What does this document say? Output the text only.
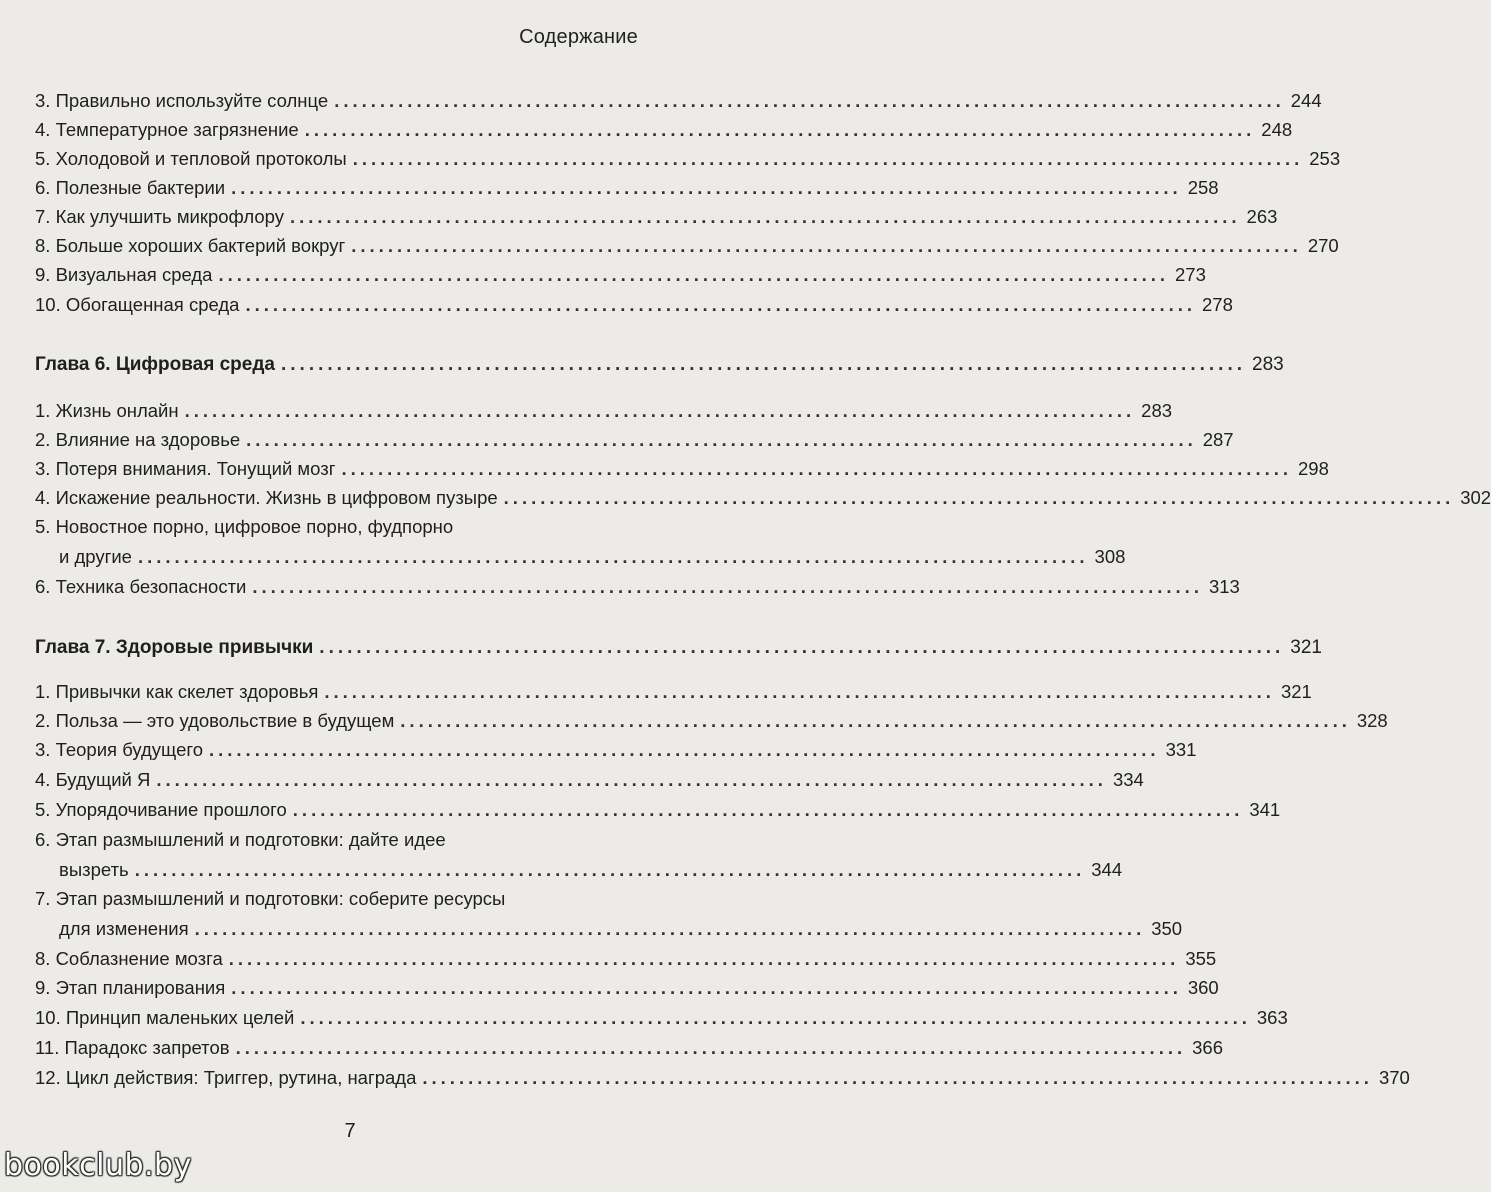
Содержание
3. Правильно используйте солнце ........................................................................................................ 244
4. Температурное загрязнение ........................................................................................................ 248
5. Холодовой и тепловой протоколы ........................................................................................................ 253
6. Полезные бактерии ........................................................................................................ 258
7. Как улучшить микрофлору ........................................................................................................ 263
8. Больше хороших бактерий вокруг ........................................................................................................ 270
9. Визуальная среда ........................................................................................................ 273
10. Обогащенная среда ........................................................................................................ 278
Глава 6. Цифровая среда ........................................................................................................ 283
1. Жизнь онлайн ........................................................................................................ 283
2. Влияние на здоровье ........................................................................................................ 287
3. Потеря внимания. Тонущий мозг ........................................................................................................ 298
4. Искажение реальности. Жизнь в цифровом пузыре ........................................................................................................ 302
5. Новостное порно, цифровое порно, фудпорно
и другие ........................................................................................................ 308
6. Техника безопасности ........................................................................................................ 313
Глава 7. Здоровые привычки ........................................................................................................ 321
1. Привычки как скелет здоровья ........................................................................................................ 321
2. Польза — это удовольствие в будущем ........................................................................................................ 328
3. Теория будущего ........................................................................................................ 331
4. Будущий Я ........................................................................................................ 334
5. Упорядочивание прошлого ........................................................................................................ 341
6. Этап размышлений и подготовки: дайте идее
вызреть ........................................................................................................ 344
7. Этап размышлений и подготовки: соберите ресурсы
для изменения ........................................................................................................ 350
8. Соблазнение мозга ........................................................................................................ 355
9. Этап планирования ........................................................................................................ 360
10. Принцип маленьких целей ........................................................................................................ 363
11. Парадокс запретов ........................................................................................................ 366
12. Цикл действия: Триггер, рутина, награда ........................................................................................................ 370
7
bookclub.by
